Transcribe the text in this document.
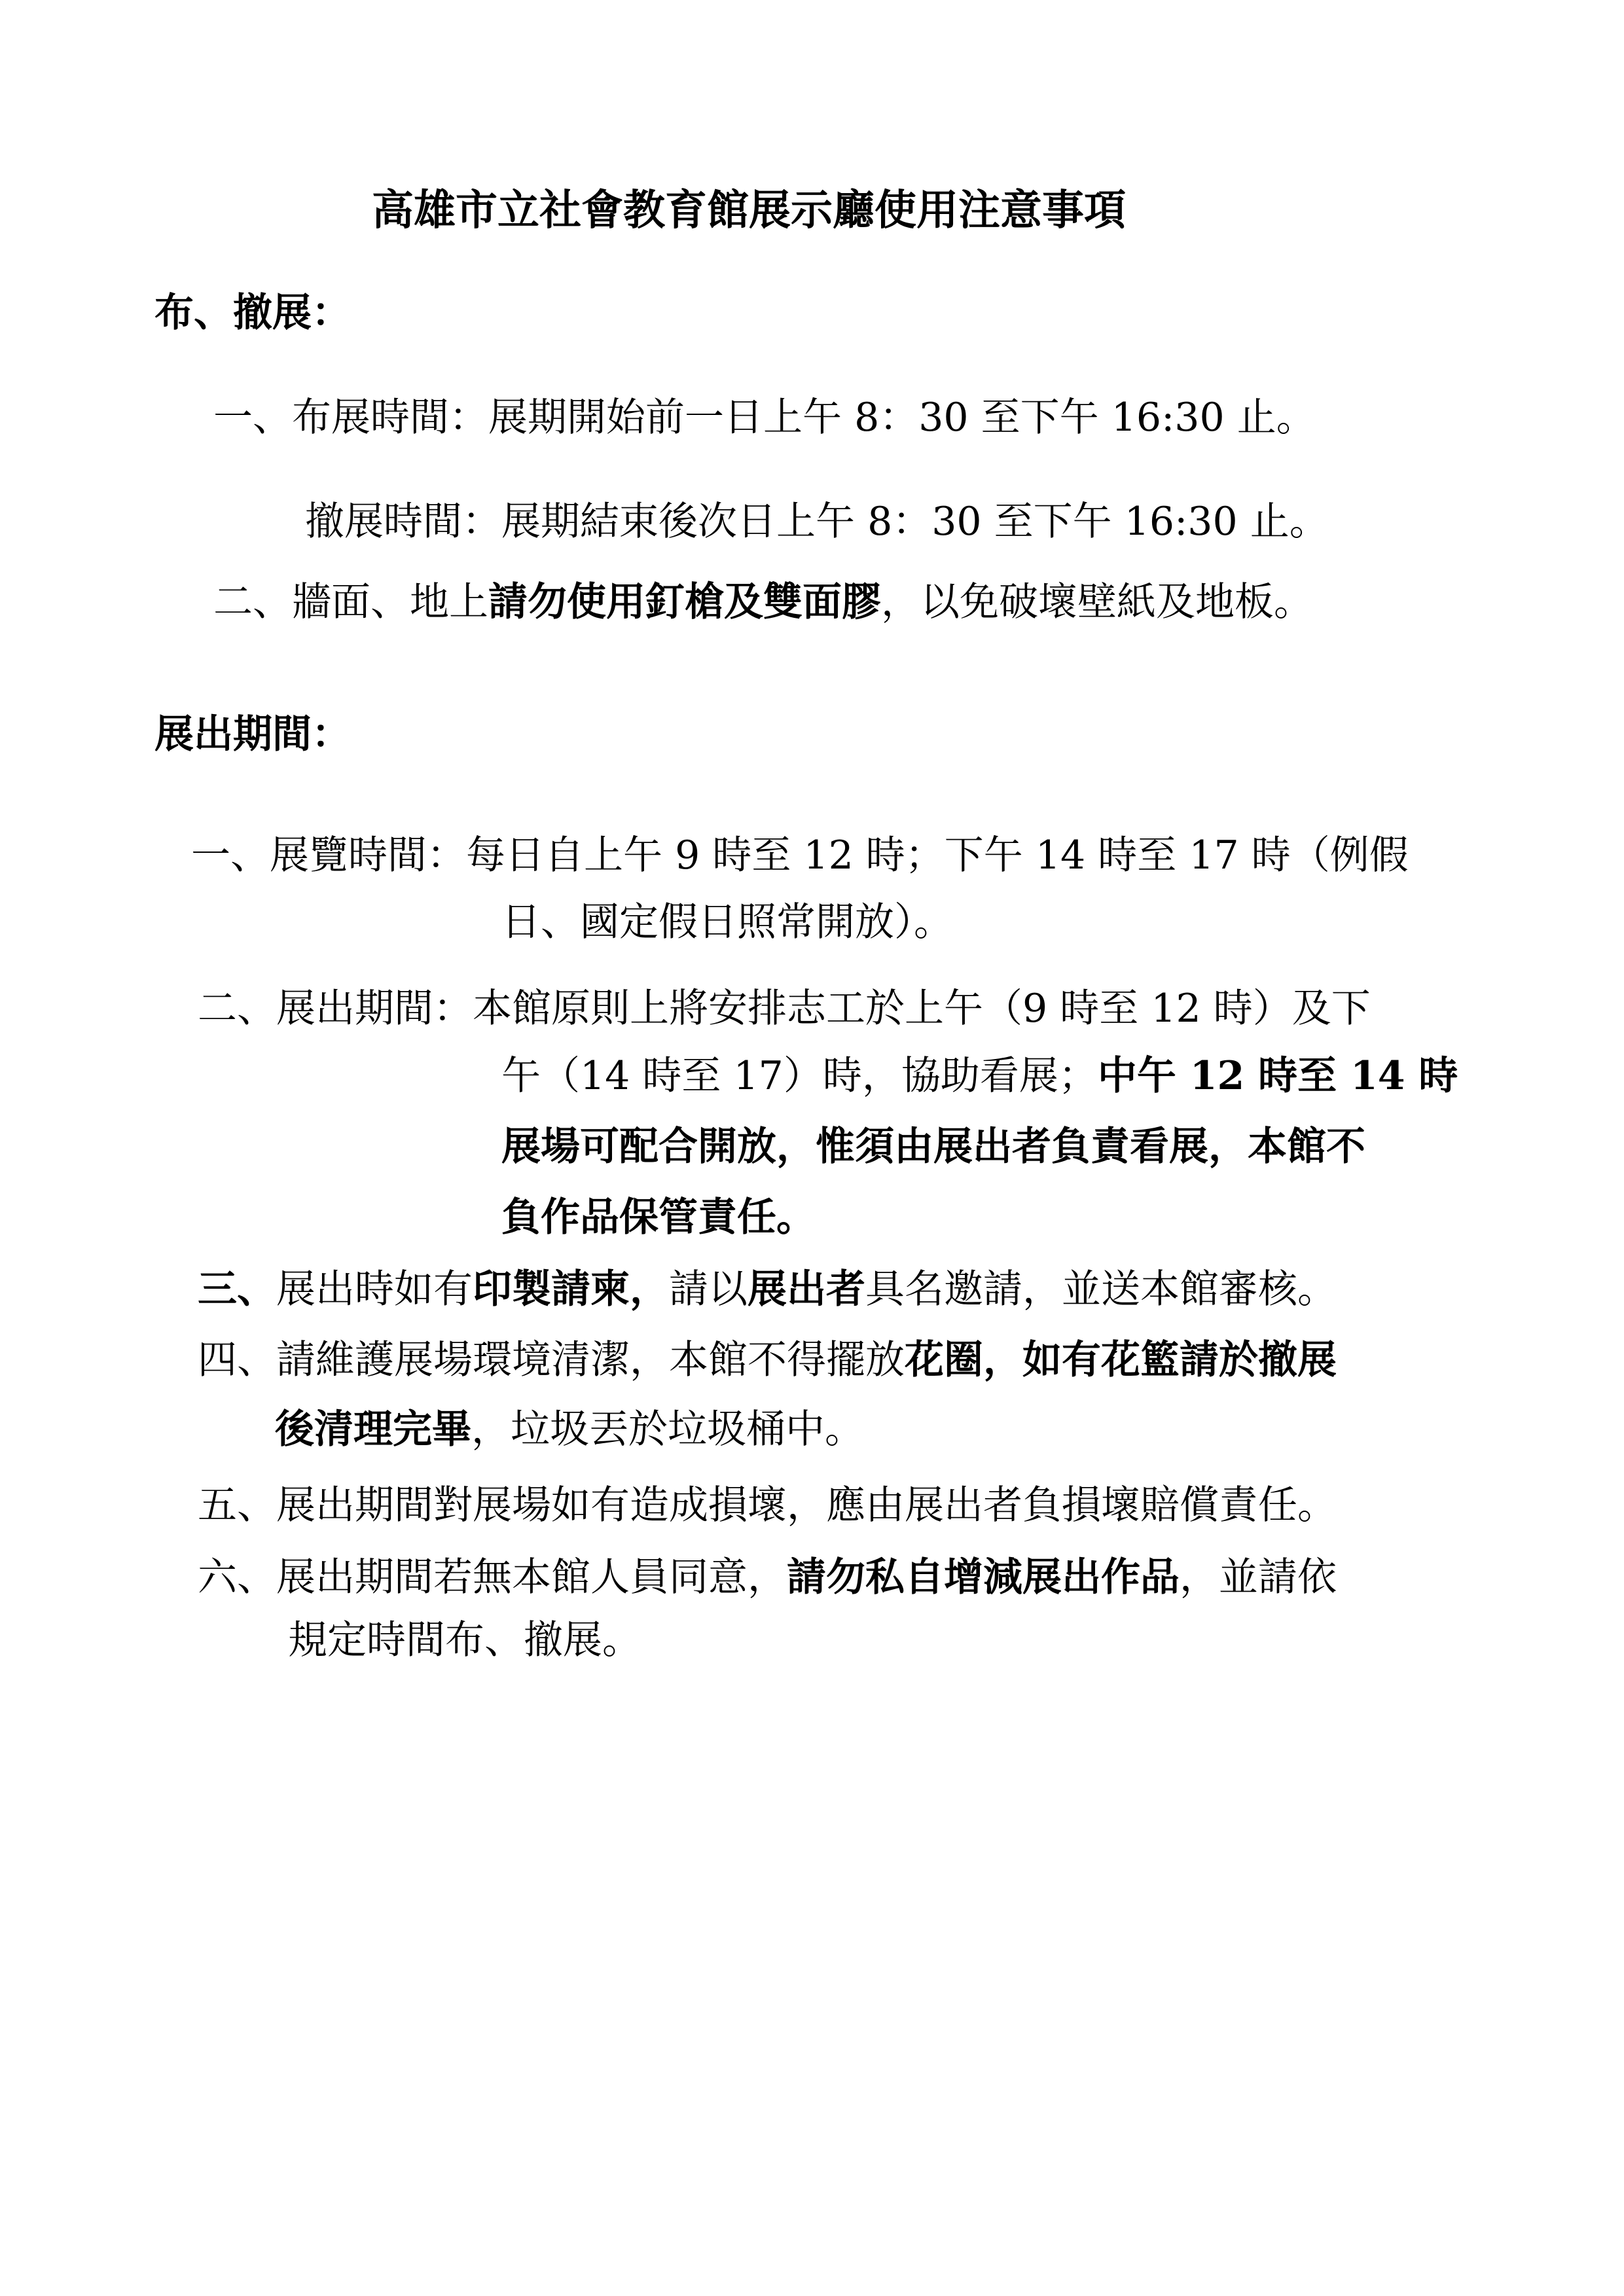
高雄市立社會教育館展示廳使用注意事項
布、撤展：
一、布展時間：展期開始前一日上午 8：30 至下午 16:30 止。
撤展時間：展期結束後次日上午 8：30 至下午 16:30 止。
二、牆面、地上請勿使用釘槍及雙面膠，以免破壞壁紙及地板。
展出期間：
一、展覽時間：每日自上午 9 時至 12 時；下午 14 時至 17 時（例假
日、國定假日照常開放）。
二、展出期間：本館原則上將安排志工於上午（9 時至 12 時）及下
午（14 時至 17）時，協助看展；中午 12 時至 14 時
展場可配合開放，惟須由展出者負責看展，本館不
負作品保管責任。
三、展出時如有印製請柬，請以展出者具名邀請，並送本館審核。
四、請維護展場環境清潔，本館不得擺放花圈，如有花籃請於撤展
後清理完畢，垃圾丟於垃圾桶中。
五、展出期間對展場如有造成損壞，應由展出者負損壞賠償責任。
六、展出期間若無本館人員同意，請勿私自增減展出作品，並請依
規定時間布、撤展。
